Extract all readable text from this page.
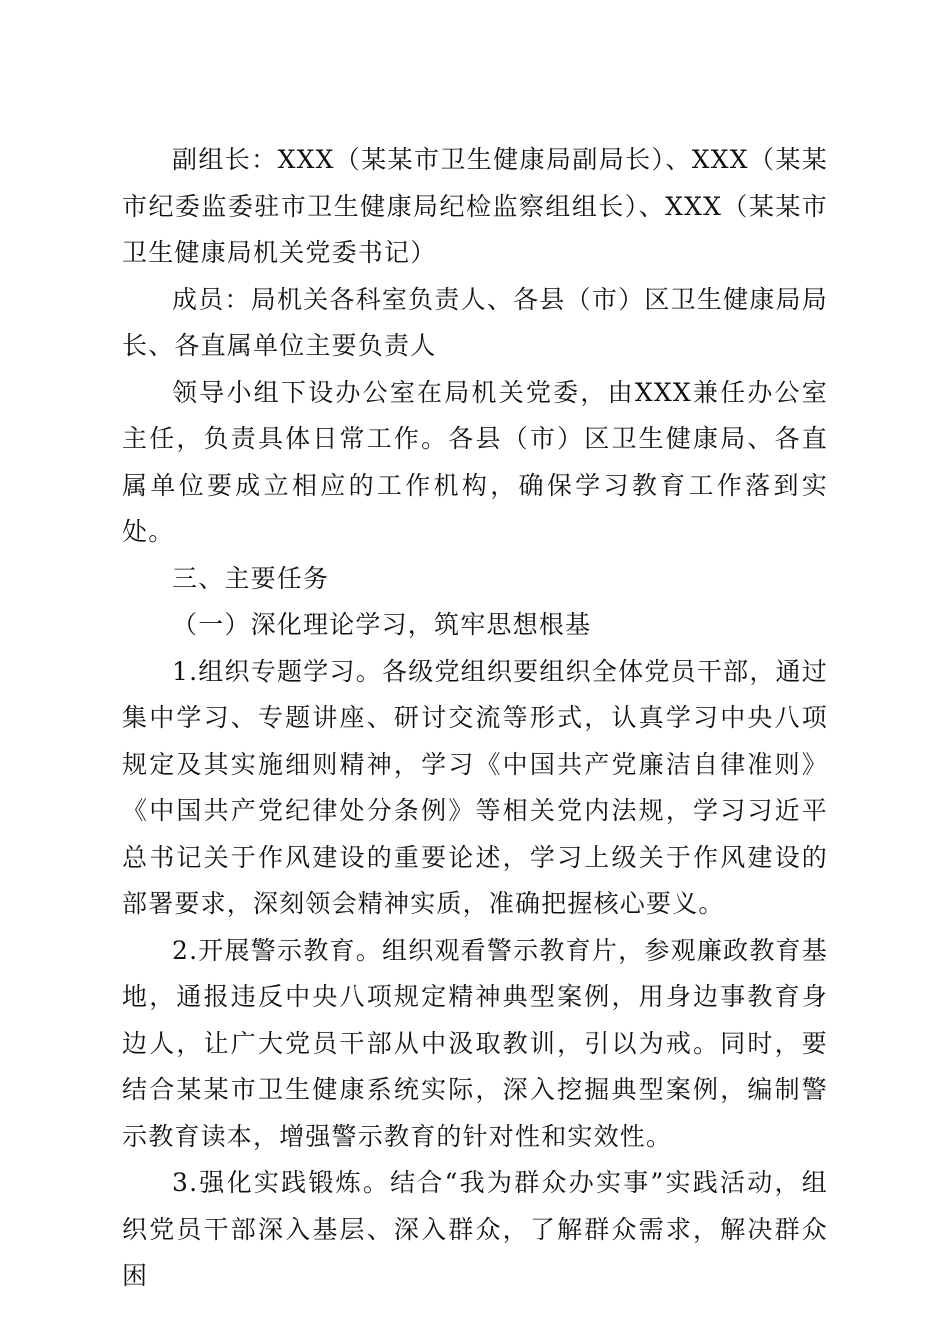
副组长：XXX（某某市卫生健康局副局长）、XXX（某某市纪委监委驻市卫生健康局纪检监察组组长）、XXX（某某市卫生健康局机关党委书记）

成员：局机关各科室负责人、各县（市）区卫生健康局局长、各直属单位主要负责人

领导小组下设办公室在局机关党委，由XXX兼任办公室主任，负责具体日常工作。各县（市）区卫生健康局、各直属单位要成立相应的工作机构，确保学习教育工作落到实处。

三、主要任务

（一）深化理论学习，筑牢思想根基

1.组织专题学习。各级党组织要组织全体党员干部，通过集中学习、专题讲座、研讨交流等形式，认真学习中央八项规定及其实施细则精神，学习《中国共产党廉洁自律准则》《中国共产党纪律处分条例》等相关党内法规，学习习近平总书记关于作风建设的重要论述，学习上级关于作风建设的部署要求，深刻领会精神实质，准确把握核心要义。

2.开展警示教育。组织观看警示教育片，参观廉政教育基地，通报违反中央八项规定精神典型案例，用身边事教育身边人，让广大党员干部从中汲取教训，引以为戒。同时，要结合某某市卫生健康系统实际，深入挖掘典型案例，编制警示教育读本，增强警示教育的针对性和实效性。

3.强化实践锻炼。结合“我为群众办实事”实践活动，组织党员干部深入基层、深入群众，了解群众需求，解决群众困
